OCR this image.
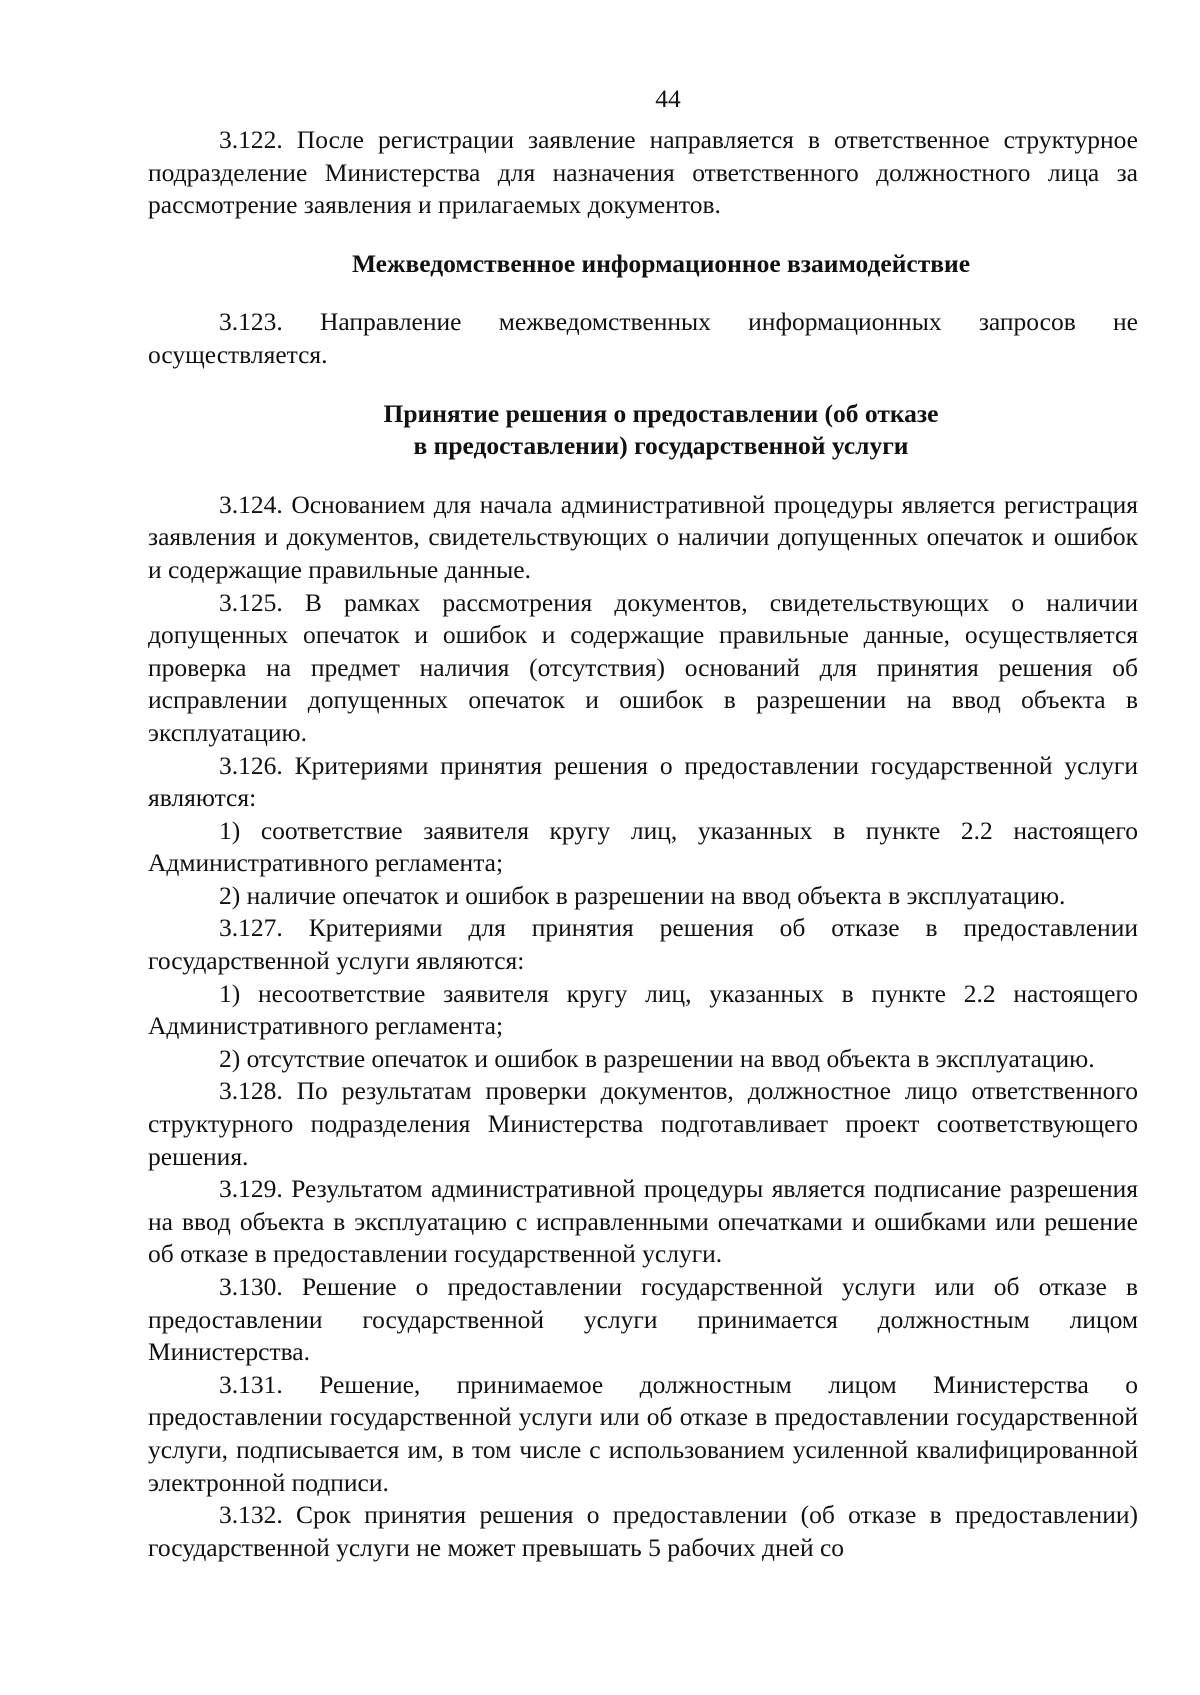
44

3.122. После регистрации заявление направляется в ответственное структурное подразделение Министерства для назначения ответственного должностного лица за рассмотрение заявления и прилагаемых документов.

Межведомственное информационное взаимодействие

3.123. Направление межведомственных информационных запросов не осуществляется.

Принятие решения о предоставлении (об отказе
в предоставлении) государственной услуги

3.124. Основанием для начала административной процедуры является регистрация заявления и документов, свидетельствующих о наличии допущенных опечаток и ошибок и содержащие правильные данные.

3.125. В рамках рассмотрения документов, свидетельствующих о наличии допущенных опечаток и ошибок и содержащие правильные данные, осуществляется проверка на предмет наличия (отсутствия) оснований для принятия решения об исправлении допущенных опечаток и ошибок в разрешении на ввод объекта в эксплуатацию.

3.126. Критериями принятия решения о предоставлении государственной услуги являются:

1) соответствие заявителя кругу лиц, указанных в пункте 2.2 настоящего Административного регламента;

2) наличие опечаток и ошибок в разрешении на ввод объекта в эксплуатацию.

3.127. Критериями для принятия решения об отказе в предоставлении государственной услуги являются:

1) несоответствие заявителя кругу лиц, указанных в пункте 2.2 настоящего Административного регламента;

2) отсутствие опечаток и ошибок в разрешении на ввод объекта в эксплуатацию.

3.128. По результатам проверки документов, должностное лицо ответственного структурного подразделения Министерства подготавливает проект соответствующего решения.

3.129. Результатом административной процедуры является подписание разрешения на ввод объекта в эксплуатацию с исправленными опечатками и ошибками или решение об отказе в предоставлении государственной услуги.

3.130. Решение о предоставлении государственной услуги или об отказе в предоставлении государственной услуги принимается должностным лицом Министерства.

3.131. Решение, принимаемое должностным лицом Министерства о предоставлении государственной услуги или об отказе в предоставлении государственной услуги, подписывается им, в том числе с использованием усиленной квалифицированной электронной подписи.

3.132. Срок принятия решения о предоставлении (об отказе в предоставлении) государственной услуги не может превышать 5 рабочих дней со
